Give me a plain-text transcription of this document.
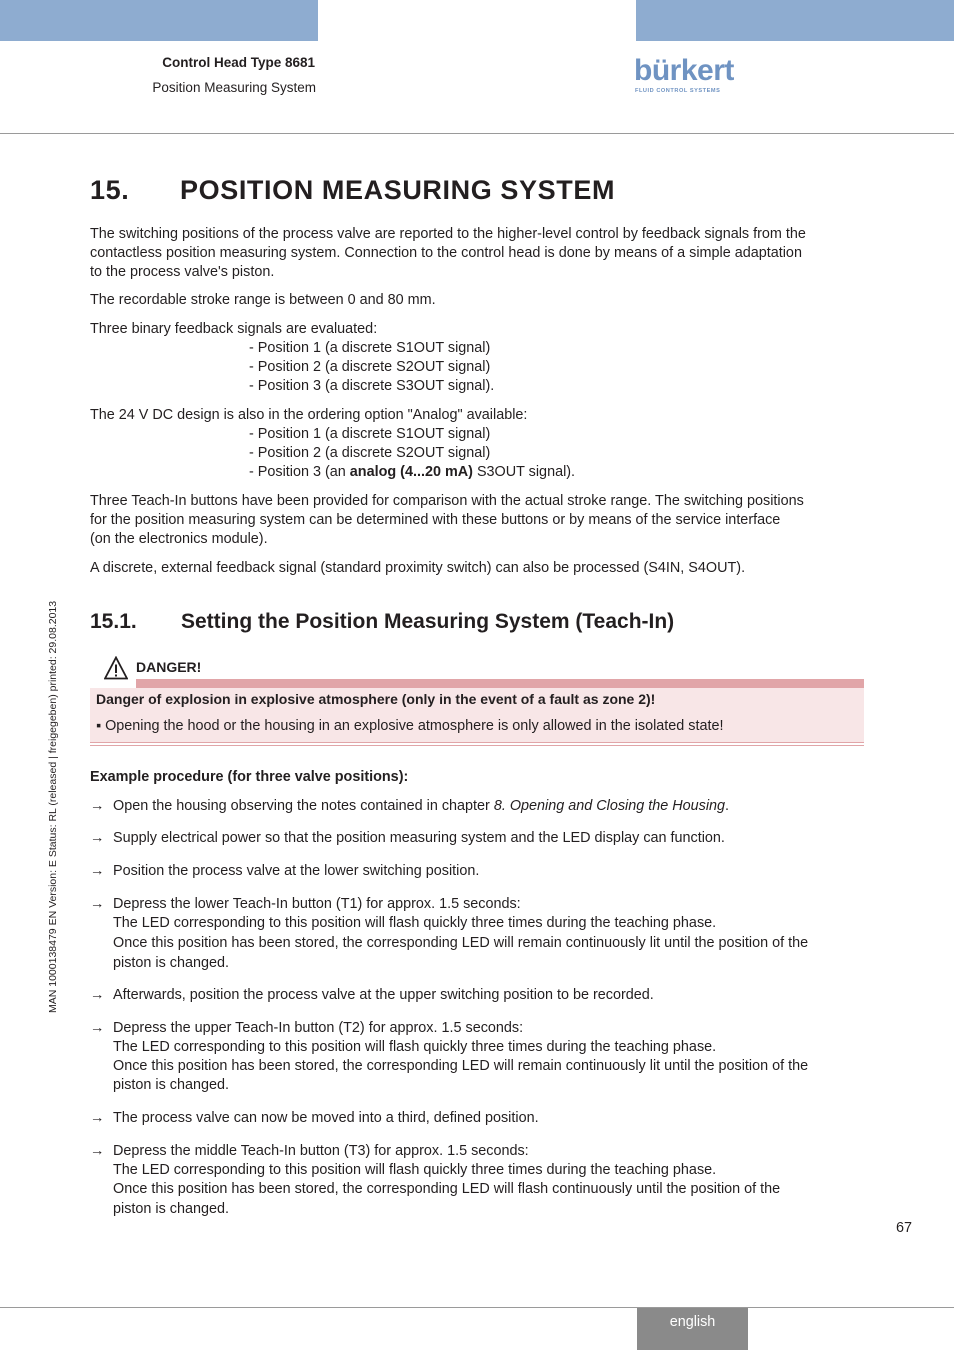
Control Head Type 8681
Position Measuring System
bürkert
FLUID CONTROL SYSTEMS
MAN 1000138479 EN Version: E Status: RL (released | freigegeben) printed: 29.08.2013
15. POSITION MEASURING SYSTEM
The switching positions of the process valve are reported to the higher-level control by feedback signals from the
contactless position measuring system. Connection to the control head is done by means of a simple adaptation
to the process valve's piston.
The recordable stroke range is between 0 and 80 mm.
Three binary feedback signals are evaluated:
- Position 1 (a discrete S1OUT signal)
- Position 2 (a discrete S2OUT signal)
- Position 3 (a discrete S3OUT signal).
The 24 V DC design is also in the ordering option "Analog" available:
- Position 1 (a discrete S1OUT signal)
- Position 2 (a discrete S2OUT signal)
- Position 3 (an analog (4...20 mA) S3OUT signal).
Three Teach-In buttons have been provided for comparison with the actual stroke range. The switching positions
for the position measuring system can be determined with these buttons or by means of the service interface
(on the electronics module).
A discrete, external feedback signal (standard proximity switch) can also be processed (S4IN, S4OUT).
15.1. Setting the Position Measuring System (Teach-In)
DANGER!
Danger of explosion in explosive atmosphere (only in the event of a fault as zone 2)!
▪ Opening the hood or the housing in an explosive atmosphere is only allowed in the isolated state!
Example procedure (for three valve positions):
→ Open the housing observing the notes contained in chapter 8. Opening and Closing the Housing.
→ Supply electrical power so that the position measuring system and the LED display can function.
→ Position the process valve at the lower switching position.
→ Depress the lower Teach-In button (T1) for approx. 1.5 seconds:
The LED corresponding to this position will flash quickly three times during the teaching phase.
Once this position has been stored, the corresponding LED will remain continuously lit until the position of the
piston is changed.
→ Afterwards, position the process valve at the upper switching position to be recorded.
→ Depress the upper Teach-In button (T2) for approx. 1.5 seconds:
The LED corresponding to this position will flash quickly three times during the teaching phase.
Once this position has been stored, the corresponding LED will remain continuously lit until the position of the
piston is changed.
→ The process valve can now be moved into a third, defined position.
→ Depress the middle Teach-In button (T3) for approx. 1.5 seconds:
The LED corresponding to this position will flash quickly three times during the teaching phase.
Once this position has been stored, the corresponding LED will flash continuously until the position of the
piston is changed.
67
english
